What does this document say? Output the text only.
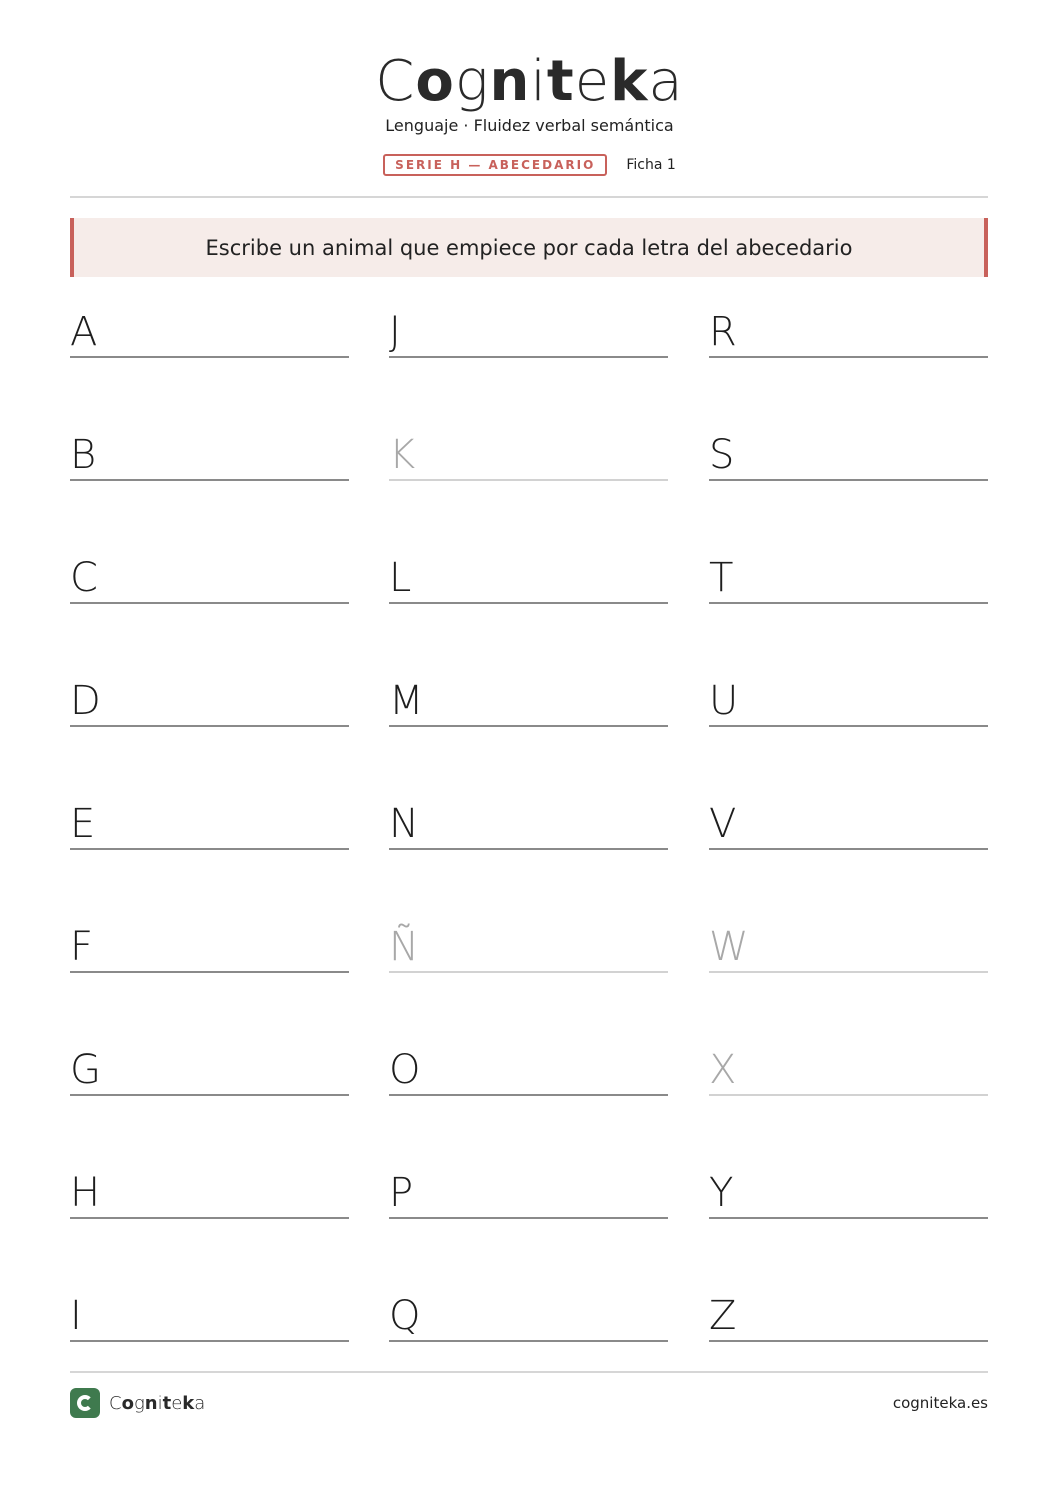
Cogniteka
Lenguaje · Fluidez verbal semántica
SERIE H — ABECEDARIO Ficha 1
Escribe un animal que empiece por cada letra del abecedario
A
B
C
D
E
F
G
H
I
J
K
L
M
N
Ñ
O
P
Q
R
S
T
U
V
W
X
Y
Z
Cogniteka	cogniteka.es
